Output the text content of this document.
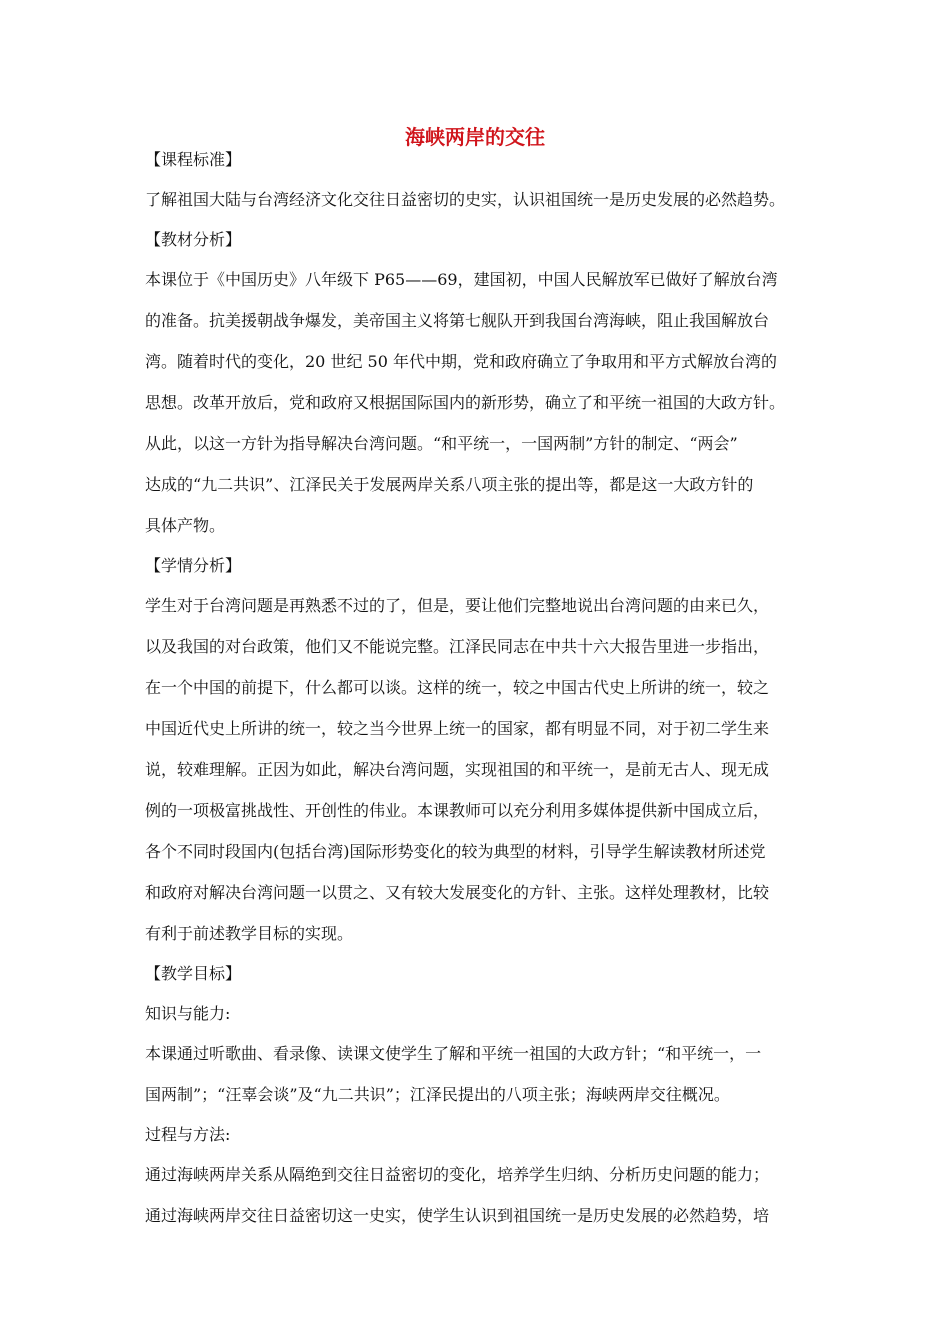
海峡两岸的交往
【课程标准】
了解祖国大陆与台湾经济文化交往日益密切的史实，认识祖国统一是历史发展的必然趋势。
【教材分析】
本课位于《中国历史》八年级下 P65——69，建国初，中国人民解放军已做好了解放台湾
的准备。抗美援朝战争爆发，美帝国主义将第七舰队开到我国台湾海峡，阻止我国解放台
湾。随着时代的变化，20 世纪 50 年代中期，党和政府确立了争取用和平方式解放台湾的
思想。改革开放后，党和政府又根据国际国内的新形势，确立了和平统一祖国的大政方针。
从此，以这一方针为指导解决台湾问题。“和平统一，一国两制”方针的制定、“两会”
达成的“九二共识”、江泽民关于发展两岸关系八项主张的提出等，都是这一大政方针的
具体产物。
【学情分析】
学生对于台湾问题是再熟悉不过的了，但是，要让他们完整地说出台湾问题的由来已久，
以及我国的对台政策，他们又不能说完整。江泽民同志在中共十六大报告里进一步指出，
在一个中国的前提下，什么都可以谈。这样的统一，较之中国古代史上所讲的统一，较之
中国近代史上所讲的统一，较之当今世界上统一的国家，都有明显不同，对于初二学生来
说，较难理解。正因为如此，解决台湾问题，实现祖国的和平统一，是前无古人、现无成
例的一项极富挑战性、开创性的伟业。本课教师可以充分利用多媒体提供新中国成立后，
各个不同时段国内(包括台湾)国际形势变化的较为典型的材料，引导学生解读教材所述党
和政府对解决台湾问题一以贯之、又有较大发展变化的方针、主张。这样处理教材，比较
有利于前述教学目标的实现。
【教学目标】
知识与能力:
本课通过听歌曲、看录像、读课文使学生了解和平统一祖国的大政方针；“和平统一，一
国两制”；“汪辜会谈”及“九二共识”；江泽民提出的八项主张；海峡两岸交往概况。
过程与方法:
通过海峡两岸关系从隔绝到交往日益密切的变化，培养学生归纳、分析历史问题的能力；
通过海峡两岸交往日益密切这一史实，使学生认识到祖国统一是历史发展的必然趋势，培
